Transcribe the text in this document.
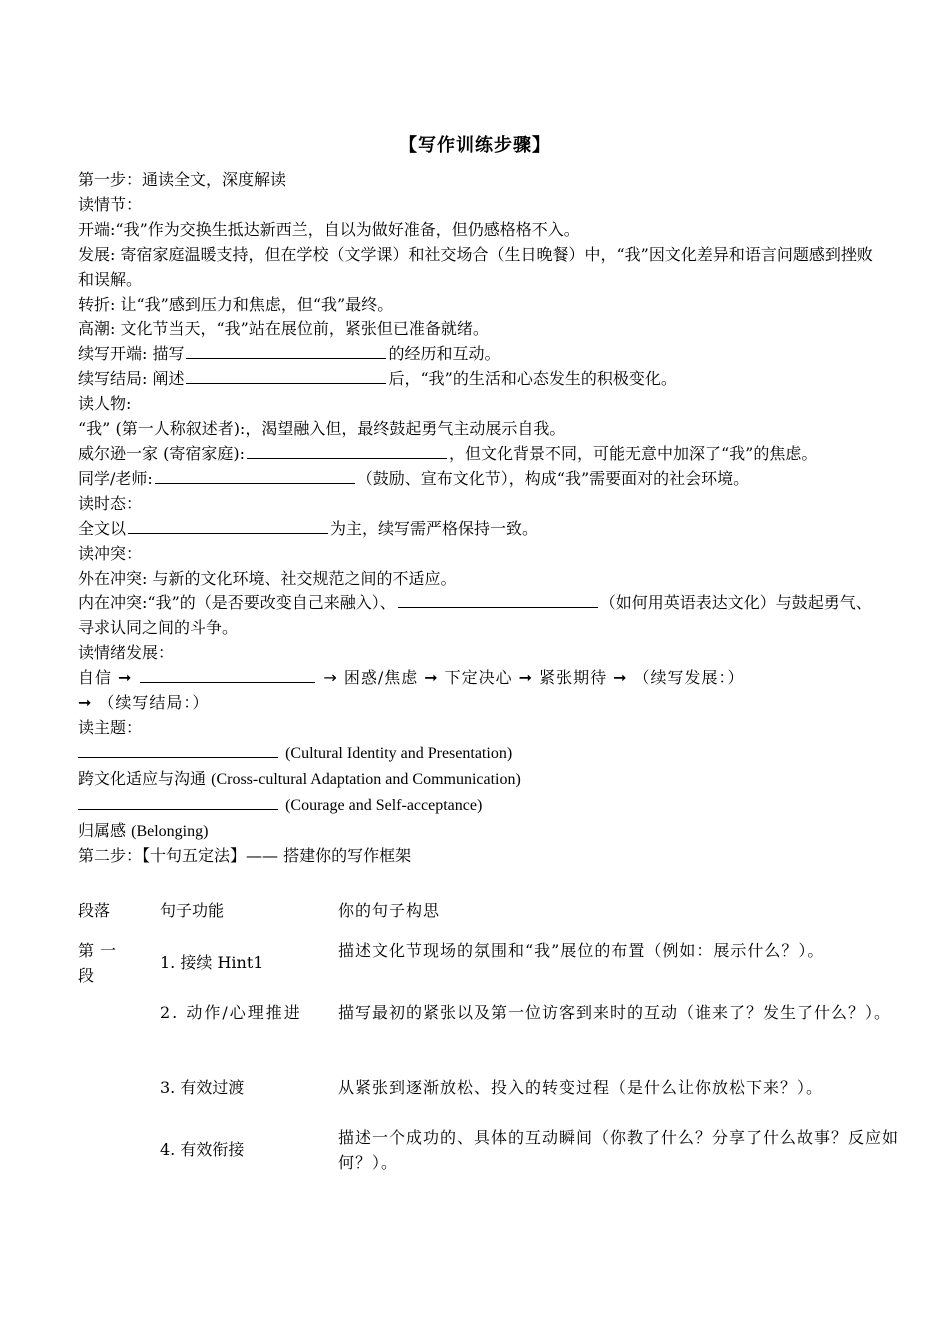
【写作训练步骤】
第一步：通读全文，深度解读
读情节：
开端:“我”作为交换生抵达新西兰，自以为做好准备，但仍感格格不入。
发展: 寄宿家庭温暖支持，但在学校（文学课）和社交场合（生日晚餐）中，“我”因文化差异和语言问题感到挫败和误解。
转折: 让“我”感到压力和焦虑，但“我”最终。
高潮: 文化节当天，“我”站在展位前，紧张但已准备就绪。
续写开端: 描写	的经历和互动。
续写结局: 阐述	后，“我”的生活和心态发生的积极变化。
读人物:
“我” (第一人称叙述者):，渴望融入但，最终鼓起勇气主动展示自我。
威尔逊一家 (寄宿家庭):	，但文化背景不同，可能无意中加深了“我”的焦虑。
同学/老师:	（鼓励、宣布文化节），构成“我”需要面对的社会环境。
读时态：
全文以	为主，续写需严格保持一致。
读冲突：
外在冲突: 与新的文化环境、社交规范之间的不适应。
内在冲突:“我”的（是否要改变自己来融入）、	（如何用英语表达文化）与鼓起勇气、寻求认同之间的斗争。
读情绪发展：
自信 ➞	→ 困惑/焦虑 ➞ 下定决心 ➞ 紧张期待 ➞ （续写发展：）
➞ （续写结局：）
读主题：
(Cultural Identity and Presentation)
跨文化适应与沟通 (Cross-cultural Adaptation and Communication)
(Courage and Self-acceptance)
归属感 (Belonging)
第二步：【十句五定法】—— 搭建你的写作框架
段落	句子功能	你的句子构思

第一段	1. 接续 Hint1	描述文化节现场的氛围和“我”展位的布置（例如：展示什么？）。

	2. 动作/心理推进	描写最初的紧张以及第一位访客到来时的互动（谁来了？发生了什么？）。
	3. 有效过渡	从紧张到逐渐放松、投入的转变过程（是什么让你放松下来？）。

	4. 有效衔接	描述一个成功的、具体的互动瞬间（你教了什么？分享了什么故事？反应如何？）。
